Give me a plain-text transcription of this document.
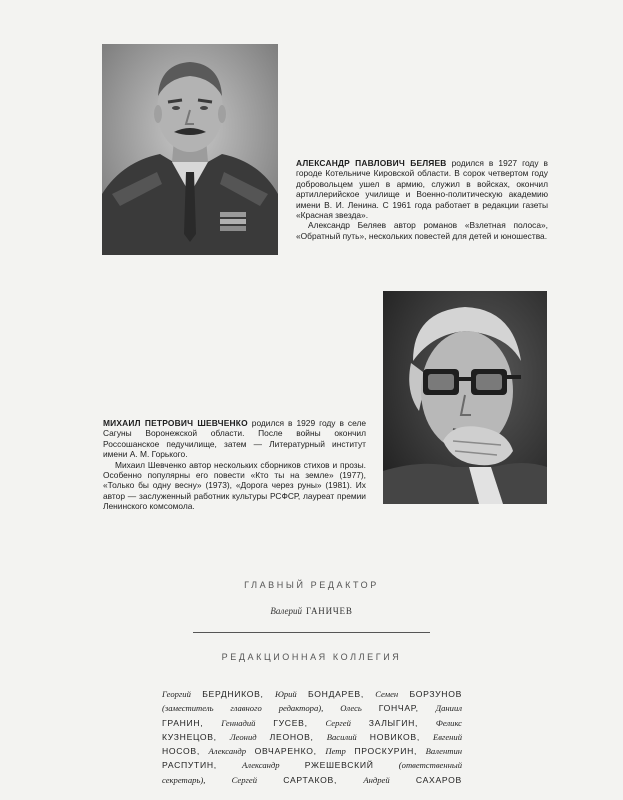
АЛЕКСАНДР ПАВЛОВИЧ БЕЛЯЕВ родился в 1927 году в городе Котельниче Кировской области. В сорок четвертом году добровольцем ушел в армию, служил в войсках, окончил артиллерийское училище и Военно-политическую академию имени В. И. Ленина. С 1961 года работает в редакции газеты «Красная звезда».

Александр Беляев автор романов «Взлетная полоса», «Обратный путь», нескольких повестей для детей и юношества.

МИХАИЛ ПЕТРОВИЧ ШЕВЧЕНКО родился в 1929 году в селе Сагуны Воронежской области. После войны окончил Россошанское педучилище, затем — Литературный институт имени А. М. Горького.

Михаил Шевченко автор нескольких сборников стихов и прозы. Особенно популярны его повести «Кто ты на земле» (1977), «Только бы одну весну» (1973), «Дорога через руны» (1981). Их автор — заслуженный работник культуры РСФСР, лауреат премии Ленинского комсомола.

ГЛАВНЫЙ РЕДАКТОР
Валерий ГАНИЧЕВ
РЕДАКЦИОННАЯ КОЛЛЕГИЯ
Георгий БЕРДНИКОВ, Юрий БОНДАРЕВ, Семен БОРЗУНОВ
(заместитель главного редактора), Олесь ГОНЧАР, Даниил
ГРАНИН, Геннадий ГУСЕВ, Сергей ЗАЛЫГИН, Феликс
КУЗНЕЦОВ, Леонид ЛЕОНОВ, Василий НОВИКОВ, Евгений
НОСОВ, Александр ОВЧАРЕНКО, Петр ПРОСКУРИН, Валентин
РАСПУТИН,	Александр	РЖЕШЕВСКИЙ	(ответственный
секретарь),	Сергей	САРТАКОВ,	Андрей	САХАРОВ
